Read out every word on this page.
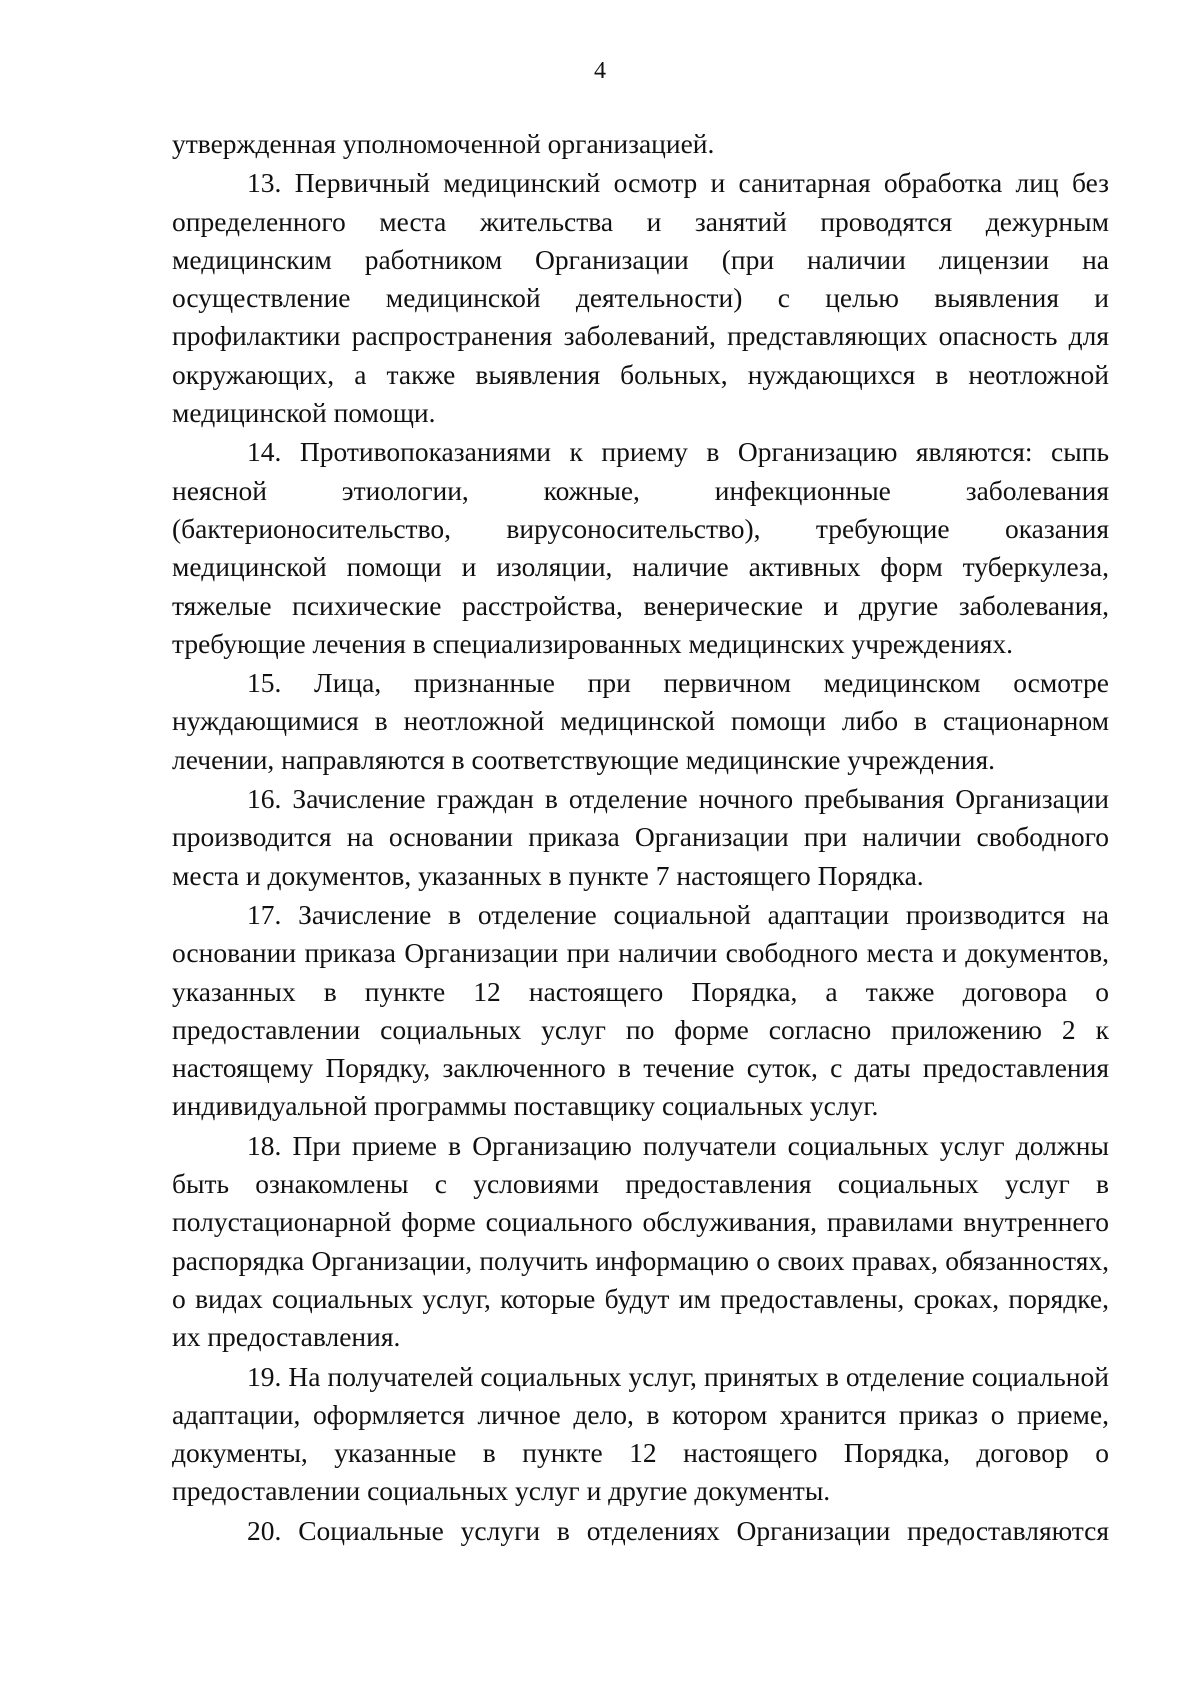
4

утвержденная уполномоченной организацией.

13. Первичный медицинский осмотр и санитарная обработка лиц без определенного места жительства и занятий проводятся дежурным медицинским работником Организации (при наличии лицензии на осуществление медицинской деятельности) с целью выявления и профилактики распространения заболеваний, представляющих опасность для окружающих, а также выявления больных, нуждающихся в неотложной медицинской помощи.

14. Противопоказаниями к приему в Организацию являются: сыпь неясной этиологии, кожные, инфекционные заболевания (бактерионосительство, вирусоносительство), требующие оказания медицинской помощи и изоляции, наличие активных форм туберкулеза, тяжелые психические расстройства, венерические и другие заболевания, требующие лечения в специализированных медицинских учреждениях.

15. Лица, признанные при первичном медицинском осмотре нуждающимися в неотложной медицинской помощи либо в стационарном лечении, направляются в соответствующие медицинские учреждения.

16. Зачисление граждан в отделение ночного пребывания Организации производится на основании приказа Организации при наличии свободного места и документов, указанных в пункте 7 настоящего Порядка.

17. Зачисление в отделение социальной адаптации производится на основании приказа Организации при наличии свободного места и документов, указанных в пункте 12 настоящего Порядка, а также договора о предоставлении социальных услуг по форме согласно приложению 2 к настоящему Порядку, заключенного в течение суток, с даты предоставления индивидуальной программы поставщику социальных услуг.

18. При приеме в Организацию получатели социальных услуг должны быть ознакомлены с условиями предоставления социальных услуг в полустационарной форме социального обслуживания, правилами внутреннего распорядка Организации, получить информацию о своих правах, обязанностях, о видах социальных услуг, которые будут им предоставлены, сроках, порядке, их предоставления.

19. На получателей социальных услуг, принятых в отделение социальной адаптации, оформляется личное дело, в котором хранится приказ о приеме, документы, указанные в пункте 12 настоящего Порядка, договор о предоставлении социальных услуг и другие документы.

20. Социальные услуги в отделениях Организации предоставляются
